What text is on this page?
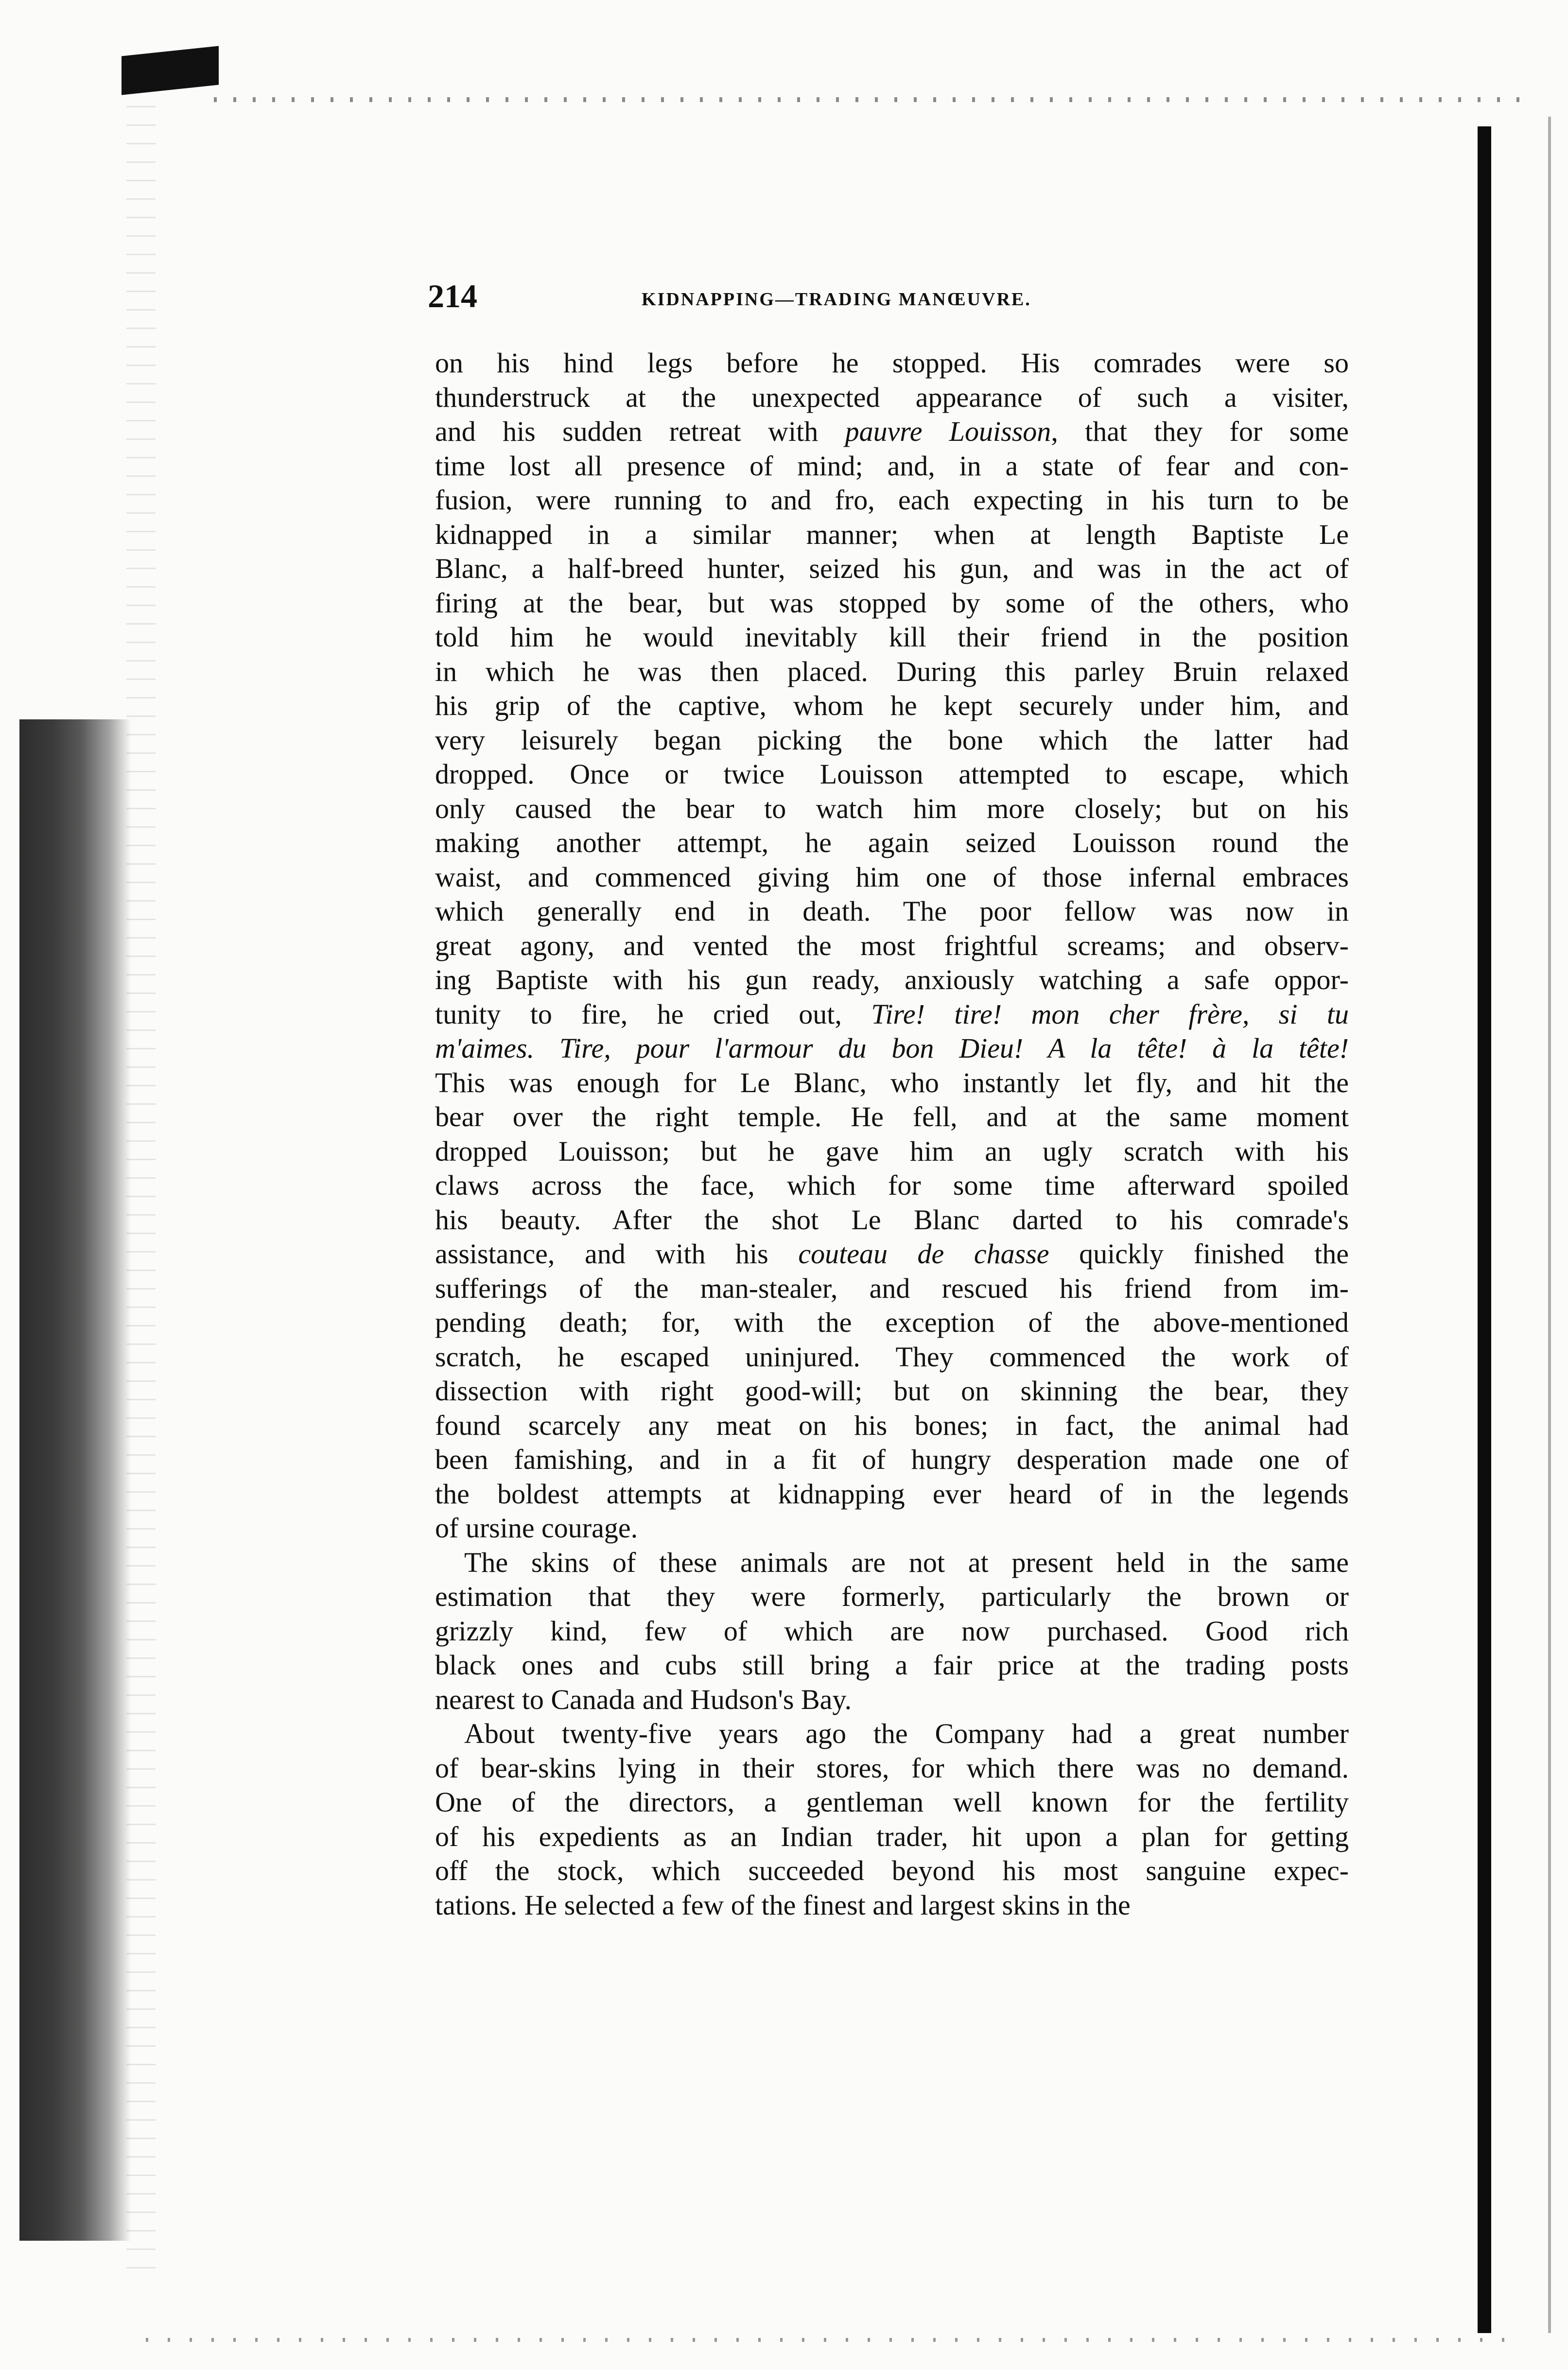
214	KIDNAPPING—TRADING MANŒUVRE.
on his hind legs before he stopped. His comrades were so
thunderstruck at the unexpected appearance of such a visiter,
and his sudden retreat with pauvre Louisson, that they for some
time lost all presence of mind; and, in a state of fear and con-
fusion, were running to and fro, each expecting in his turn to be
kidnapped in a similar manner; when at length Baptiste Le
Blanc, a half-breed hunter, seized his gun, and was in the act of
firing at the bear, but was stopped by some of the others, who
told him he would inevitably kill their friend in the position
in which he was then placed. During this parley Bruin relaxed
his grip of the captive, whom he kept securely under him, and
very leisurely began picking the bone which the latter had
dropped. Once or twice Louisson attempted to escape, which
only caused the bear to watch him more closely; but on his
making another attempt, he again seized Louisson round the
waist, and commenced giving him one of those infernal embraces
which generally end in death. The poor fellow was now in
great agony, and vented the most frightful screams; and observ-
ing Baptiste with his gun ready, anxiously watching a safe oppor-
tunity to fire, he cried out, Tire! tire! mon cher frère, si tu
m'aimes. Tire, pour l'armour du bon Dieu! A la tête! à la tête!
This was enough for Le Blanc, who instantly let fly, and hit the
bear over the right temple. He fell, and at the same moment
dropped Louisson; but he gave him an ugly scratch with his
claws across the face, which for some time afterward spoiled
his beauty. After the shot Le Blanc darted to his comrade's
assistance, and with his couteau de chasse quickly finished the
sufferings of the man-stealer, and rescued his friend from im-
pending death; for, with the exception of the above-mentioned
scratch, he escaped uninjured. They commenced the work of
dissection with right good-will; but on skinning the bear, they
found scarcely any meat on his bones; in fact, the animal had
been famishing, and in a fit of hungry desperation made one of
the boldest attempts at kidnapping ever heard of in the legends
of ursine courage.
The skins of these animals are not at present held in the same
estimation that they were formerly, particularly the brown or
grizzly kind, few of which are now purchased. Good rich
black ones and cubs still bring a fair price at the trading posts
nearest to Canada and Hudson's Bay.
About twenty-five years ago the Company had a great number
of bear-skins lying in their stores, for which there was no demand.
One of the directors, a gentleman well known for the fertility
of his expedients as an Indian trader, hit upon a plan for getting
off the stock, which succeeded beyond his most sanguine expec-
tations. He selected a few of the finest and largest skins in the
